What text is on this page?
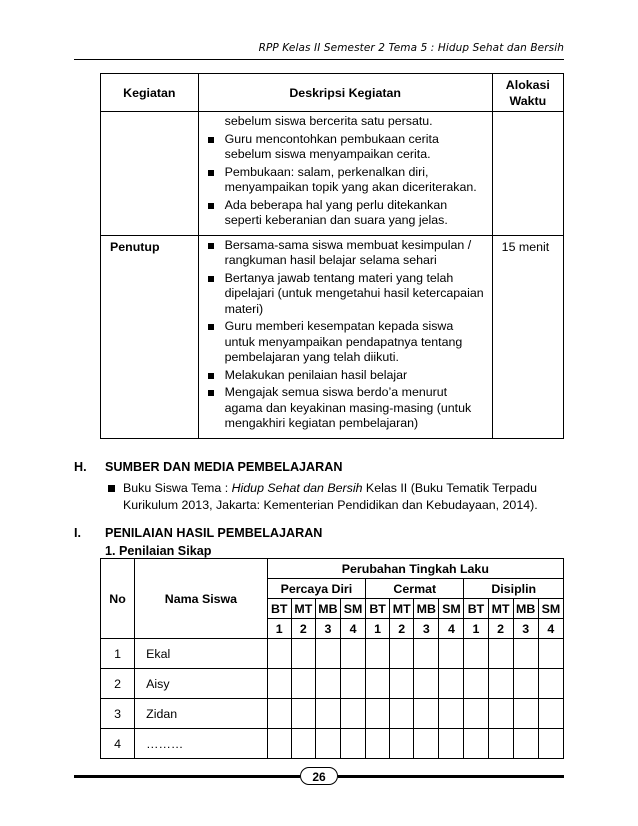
RPP Kelas II Semester 2 Tema 5 : Hidup Sehat dan Bersih
Kegiatan	Deskripsi Kegiatan	Alokasi Waktu

	sebelum siswa bercerita satu persatu.
Guru mencontohkan pembukaan cerita sebelum siswa menyampaikan cerita.
Pembukaan: salam, perkenalkan diri, menyampaikan topik yang akan diceriterakan.
Ada beberapa hal yang perlu ditekankan seperti keberanian dan suara yang jelas.	

Penutup	Bersama-sama siswa membuat kesimpulan / rangkuman hasil belajar selama sehari
Bertanya jawab tentang materi yang telah dipelajari (untuk mengetahui hasil ketercapaian materi)
Guru memberi kesempatan kepada siswa untuk menyampaikan pendapatnya tentang pembelajaran yang telah diikuti.
Melakukan penilaian hasil belajar
Mengajak semua siswa berdo’a menurut agama dan keyakinan masing-masing (untuk mengakhiri kegiatan pembelajaran)	15 menit
H. SUMBER DAN MEDIA PEMBELAJARAN
Buku Siswa Tema : Hidup Sehat dan Bersih Kelas II (Buku Tematik Terpadu Kurikulum 2013, Jakarta: Kementerian Pendidikan dan Kebudayaan, 2014).
I. PENILAIAN HASIL PEMBELAJARAN
1. Penilaian Sikap
No	Nama Siswa	Perubahan Tingkah Laku											
		Percaya Diri				Cermat				Disiplin			
		BT	MT	MB	SM	BT	MT	MB	SM	BT	MT	MB	SM
		1	2	3	4	1	2	3	4	1	2	3	4
1	Ekal												
2	Aisy												
3	Zidan												
4	………												
26
